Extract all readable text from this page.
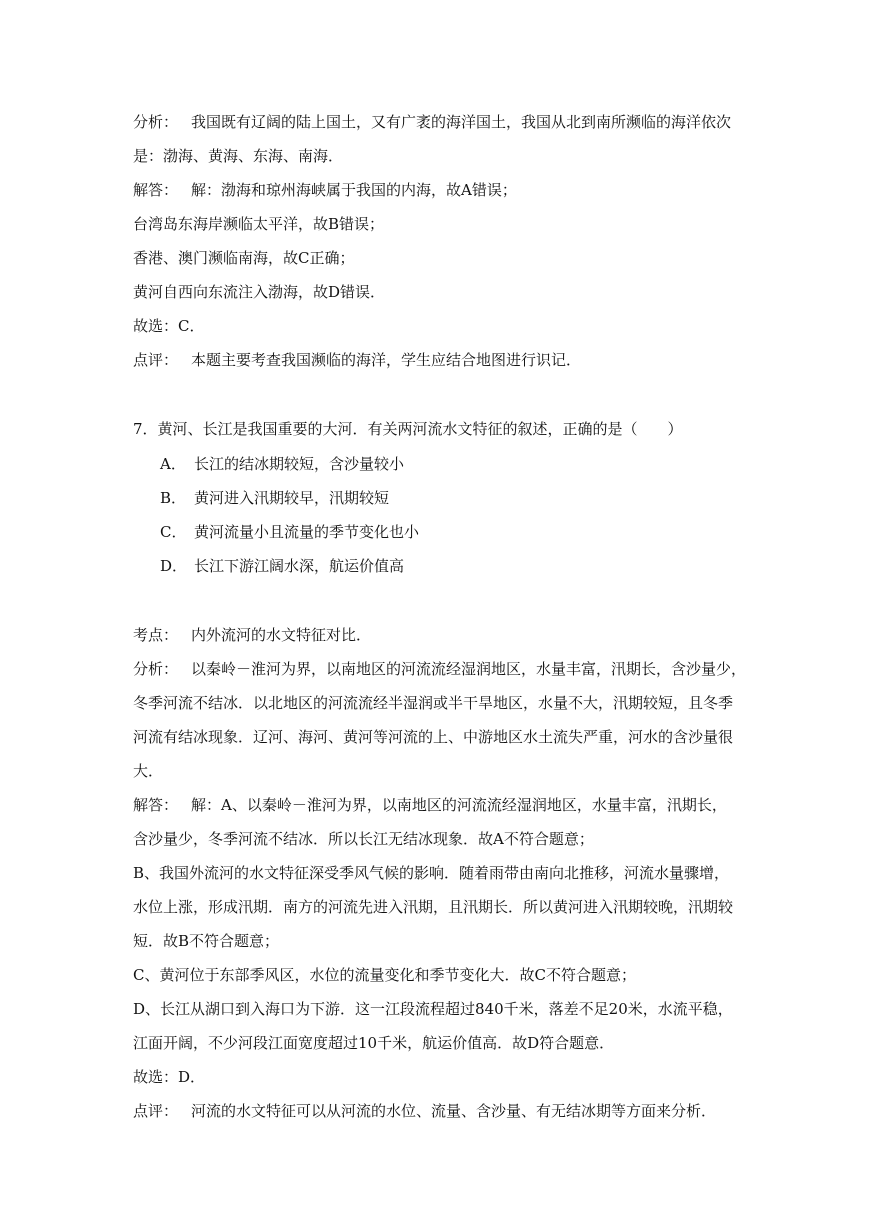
分析： 我国既有辽阔的陆上国土，又有广袤的海洋国土，我国从北到南所濒临的海洋依次
是：渤海、黄海、东海、南海．
解答： 解：渤海和琼州海峡属于我国的内海，故A错误；
台湾岛东海岸濒临太平洋，故B错误；
香港、澳门濒临南海，故C正确；
黄河自西向东流注入渤海，故D错误．
故选：C．
点评： 本题主要考查我国濒临的海洋，学生应结合地图进行识记．
7．黄河、长江是我国重要的大河．有关两河流水文特征的叙述，正确的是（　　）
A． 长江的结冰期较短，含沙量较小
B． 黄河进入汛期较早，汛期较短
C． 黄河流量小且流量的季节变化也小
D． 长江下游江阔水深，航运价值高
考点： 内外流河的水文特征对比．
分析： 以秦岭－淮河为界，以南地区的河流流经湿润地区，水量丰富，汛期长，含沙量少，
冬季河流不结冰．以北地区的河流流经半湿润或半干旱地区，水量不大，汛期较短，且冬季
河流有结冰现象．辽河、海河、黄河等河流的上、中游地区水土流失严重，河水的含沙量很
大．
解答： 解：A、以秦岭－淮河为界，以南地区的河流流经湿润地区，水量丰富，汛期长，
含沙量少，冬季河流不结冰．所以长江无结冰现象．故A不符合题意；
B、我国外流河的水文特征深受季风气候的影响．随着雨带由南向北推移，河流水量骤增，
水位上涨，形成汛期．南方的河流先进入汛期，且汛期长．所以黄河进入汛期较晚，汛期较
短．故B不符合题意；
C、黄河位于东部季风区，水位的流量变化和季节变化大．故C不符合题意；
D、长江从湖口到入海口为下游．这一江段流程超过840千米，落差不足20米，水流平稳，
江面开阔，不少河段江面宽度超过10千米，航运价值高．故D符合题意．
故选：D．
点评： 河流的水文特征可以从河流的水位、流量、含沙量、有无结冰期等方面来分析．
